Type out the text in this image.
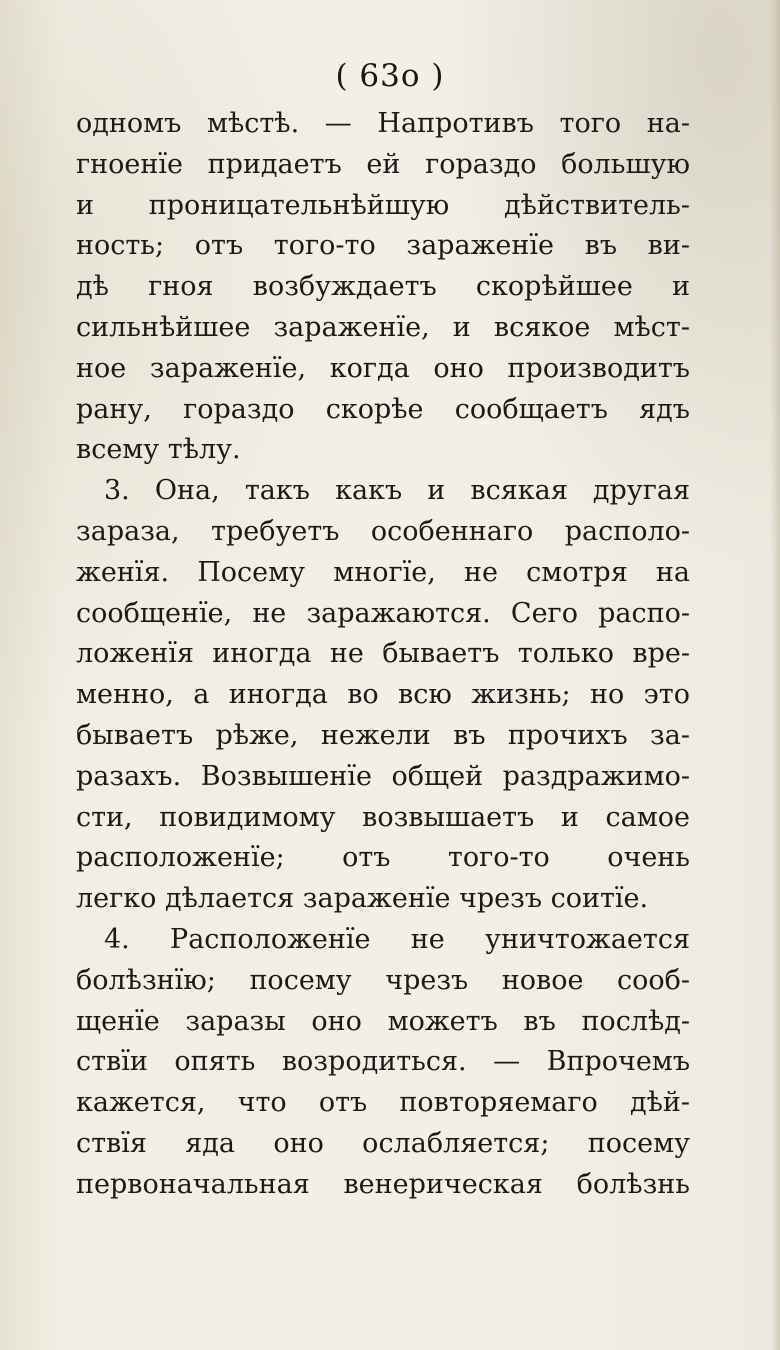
( 63о )
одномъ мѣстѣ. — Напротивъ того на-
гноенїе придаетъ ей гораздо большую
и проницательнѣйшую дѣйствитель-
ность; отъ того-то зараженїе въ ви-
дѣ гноя возбуждаетъ скорѣйшее и
сильнѣйшее зараженїе, и всякое мѣст-
ное зараженїе, когда оно производитъ
рану, гораздо скорѣе сообщаетъ ядъ
всему тѣлу.
3. Она, такъ какъ и всякая другая
зараза, требуетъ особеннаго располо-
женїя. Посему многїе, не смотря на
сообщенїе, не заражаются. Сего распо-
ложенїя иногда не бываетъ только вре-
менно, а иногда во всю жизнь; но это
бываетъ рѣже, нежели въ прочихъ за-
разахъ. Возвышенїе общей раздражимо-
сти, повидимому возвышаетъ и самое
расположенїе; отъ того-то очень
легко дѣлается зараженїе чрезъ соитїе.
4. Расположенїе не уничтожается
болѣзнїю; посему чрезъ новое сооб-
щенїе заразы оно можетъ въ послѣд-
ствїи опять возродиться. — Впрочемъ
кажется, что отъ повторяемаго дѣй-
ствїя яда оно ослабляется; посему
первоначальная венерическая болѣзнь
